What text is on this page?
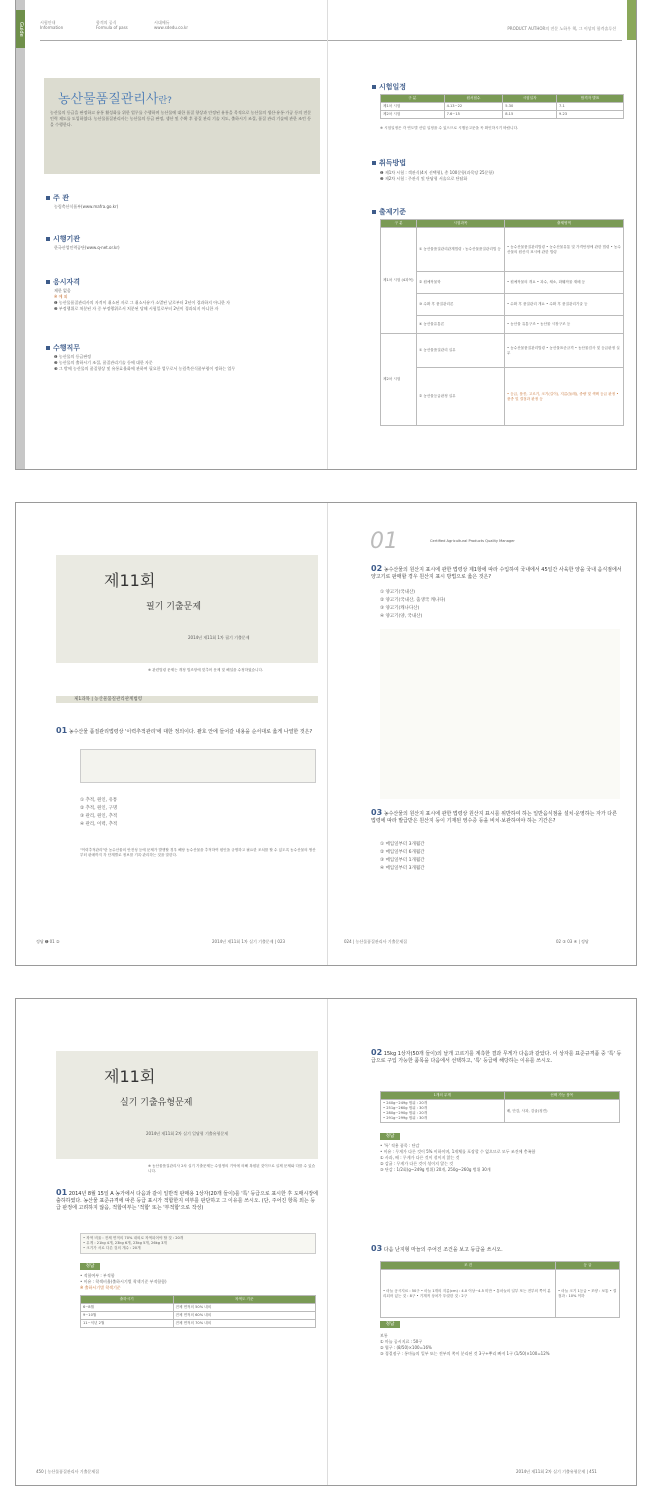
Guide	시험안내
Information
합격의 공식
Formula of pass
시대에듀
www.sdedu.co.kr	PRODUCT AUTHOR의 전문 노하우 책, 그 이상의 합격솔루션
농산물품질관리사란?
농산물의 등급을 판정하고 유통 활성화를 위한 업무를 수행하며 농산물에 대한 품질 향상과 안정된 유통을 목적으로 농산물의 생산·유통·가공 등의 전문 인력 제도를 도입하였다. 농산물품질관리사는 농산물의 등급 판정, 생산 및 수확 후 품질 관리 기술 지도, 출하시기 조절, 품질 관리 기술에 관한 조언 등을 수행한다.
주 관
농림축산식품부(www.mafra.go.kr)
시행기관
한국산업인력공단(www.q-net.or.kr)
응시자격
제한 없음
※ 예 외
❶ 농산물품질관리사의 자격이 취소된 자로 그 취소사유가 소멸된 날로부터 2년이 경과하지 아니한 자
❷ 부정행위로 처분된 자 중 부정행위로서 처분된 당해 시험일로부터 2년이 경과되지 아니한 자
수행직무
❶ 농산물의 등급판정
❷ 농산물의 출하시기 조절, 품질관리기술 등에 대한 자문
❸ 그 밖에 농산물의 품질향상 및 유통효율화에 관하여 필요한 업무로서 농림축산식품부령이 정하는 업무
시험일정
구 분	원서접수	시험일자	합격자 발표
제1차 시험	4.13~22	5.30	7.1
제2차 시험	7.6~15	8.15	9.23
※ 시험일정은 각 연도별 산업 일정을 수 있으므로 시행공고문을 꼭 확인하시기 바랍니다.
취득방법
❶ 제1차 시험 : 객관식(4지 선택형), 총 100문항(과목당 25문항)
❷ 제2차 시험 : 주관식 및 단답형 서술으로 단답화
출제기준
구 분	시험과목	출제영역
제1차 시험 (4과목)	① 농산물품질관리관계법령 : 농수산물품질관리법 등	• 농수산물품질관리법령 • 농수산물유통 및 가격안정에 관한 법령 • 농수산물의 원산지 표시에 관한 법령
	② 원예작물학	• 원예작물의 개요 • 과수, 채소, 화훼작물 재배 등
	③ 수확 후 품질관리론	• 수확 후 품질관리 개요 • 수확 후 품질관리기술 등
	④ 농산물유통론	• 농산물 유통구조 • 농산물 시장구조 등
제2차 시험	① 농산물품질관리 실무	• 농수산물품질관리법령 • 농산물표준규격 • 농산물검사 및 등급판정 실무
	② 농산물등급판정 실무	• 등급, 품종, 고르기, 크기(길이), 지름(둘레), 중량 및 색택 등급 판정 • 품종 및 결점과 판정 등
제11회
필기 기출문제
2014년 제11회 1차 필기 기출문제
※ 관련법령 문제는 개정 법조항에 맞추어 문제 및 해설을 수정하였습니다.
제1과목 | 농산물품질관리관계법령
01 농수산물 품질관리법령상 '이력추적관리'에 대한 정의이다. 괄호 안에 들어갈 내용을 순서대로 옳게 나열한 것은?
① 추적, 원인, 유통
② 추적, 원인, 구명
③ 관리, 원인, 추적
④ 관리, 이력, 추적
"이력추적관리"란 농수산물의 안전성 등에 문제가 발생할 경우 해당 농수산물을 추적하여 원인을 규명하고 필요한 조치를 할 수 있도록 농수산물의 생산부터 판매까지 각 단계별로 정보를 기록·관리하는 것을 말한다.
정답 ➊ 01 ②	2014년 제11회 1차 실기 기출문제 | 023
01	Certified Agricultural Products Quality Manager
02 농수산물의 원산지 표시에 관한 법령상 제1항에 따라 수입하여 국내에서 45일간 사육한 양을 국내 음식점에서 양고기로 판매할 경우 원산지 표시 방법으로 옳은 것은?
① 양고기(국내산)
② 양고기(국내산, 출생국 캐나다)
③ 양고기(캐나다산)
④ 양고기(양, 국내산)
03 농수산물의 원산지 표시에 관한 법령상 원산지 표시를 위반하여 하는 일반음식점을 설치·운영하는 자가 다른 법령에 따라 발급받은 원산지 등이 기재된 영수증 등을 비치·보관하여야 하는 기간은?
① 매입일부터 3개월간
② 매입일부터 6개월간
③ 매입일부터 1개월간
④ 매입일부터 3개월간
024 | 농산물품질관리사 기출문제집	02 ③ 03 ④ | 정답
제11회
실기 기출유형문제
2014년 제11회 2차 실기 일답형 기출유형문제
※ 농산물품질관리사 2차 실기 기출문제는 수험생의 기억에 의해 복원된 것이므로 실제 문제와 다를 수 있습니다.
01 2014년 8월 15일 A 농가에서 다음과 같이 일반적 판매용 1상자(20개 들이)를 '특' 등급으로 표시한 후 도매시장에 출하하였다. 농산물 표준규격에 따른 등급 표시가 적합한지 여부를 판단하고 그 이유를 쓰시오. (단, 주어진 항목 외는 등급 판정에 고려하지 않음, 적합여부는 '적합' 또는 '부적합'으로 작성)
• 착색 비율 : 전체 면적의 70% 내외로 착색되어야 할 것 : 20개
• 무게 : 21kg 4개, 23kg 6개, 23kg 5개, 26kg 3개
• 크기가 서로 다른 것의 개수 : 20개
정답
• 적합여부 : 부적합
• 이유 : 착색비율(출하시기별 착색기준 부적합함)
※ 출하시기별 착색기준
출하시기	착색도 기준
6~8월	전체 면적의 50% 내외
9~10월	전체 면적의 60% 내외
11~익년 2월	전체 면적의 70% 내외
450 | 농산물품질관리사 기출문제집
02 15kg 1상자(50개 들이)의 날개 고르기를 계측한 결과 무게가 다음과 같았다. 이 상자를 표준규격품 중 '특' 등급으로 구입 가능한 품목을 다음에서 선택하고, '특' 등급에 해당하는 이유를 쓰시오.
1개의 무게	선택 가능 품목

• 240g~249g 범위 : 20개
• 251g~260g 범위 : 30개
• 280g~290g 범위 : 20개
• 291g~299g 범위 : 30개	배, 단감, 사과, 감귤(청견)
정답
• '특' 적용 품목 : 단감
• 이유 : 무게가 다른 것이 5% 이하이며, 1개체를 포장할 수 없으므로 모두 조건에 충족함
① 사과, 배 : 무게가 다른 것이 섞이지 않는 것
② 감귤 : 무게가 다른 것이 섞이지 않는 것
③ 단감 : 1/2회(g~249g 범위) 20개, 250g~260g 범위 30개
03 다음 난지형 마늘의 주어진 조건을 보고 등급을 쓰시오.
조 건	등 급
• 마늘 공시지료 : 50구 • 마늘 1개의 지름(cm) : 4.0 이상~4.5 미만 • 통마늘의 일부 또는 전부의 쪽이 분리되어 있는 것 : 8구 • 기계적 상처가 뚜렷한 것 : 2구	• 마늘 크기 1등급 • 모양 : 보통 • 결점과 : 10% 이하
정답
보통
① 마늘 공시지료 : 50구
② 엽구 : (8/50)×100=16%
③ 경결점구 : 통마늘의 일부 또는 전부의 쪽이 분리된 것 3구+뿌리 빠져 1구 (1/50)×100=12%
2014년 제11회 2차 실기 기출유형문제 | 451
